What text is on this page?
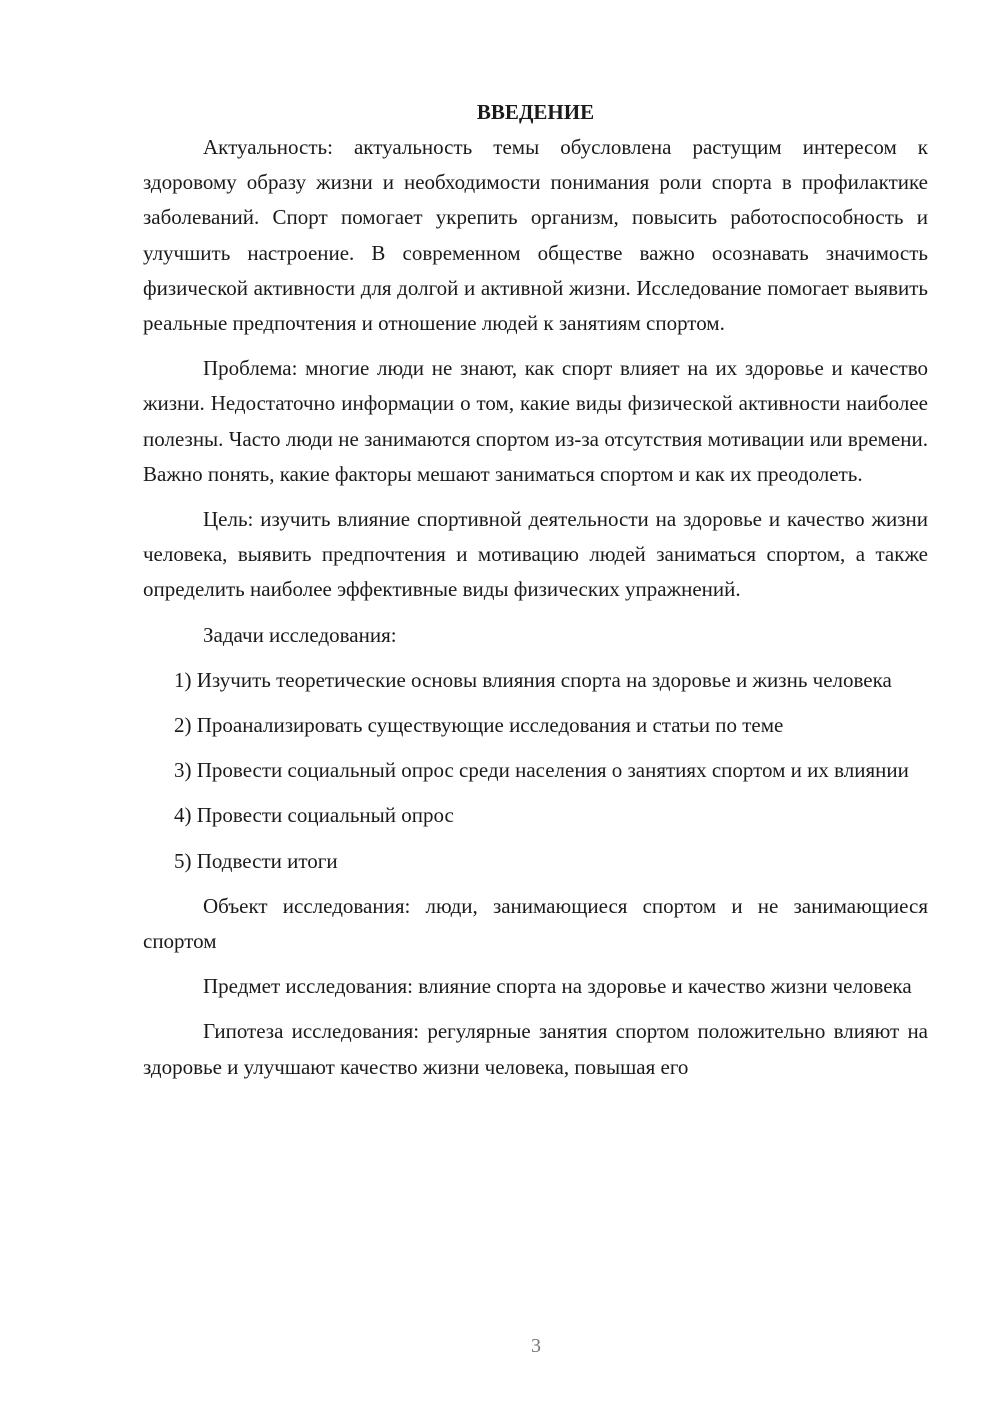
ВВЕДЕНИЕ

Актуальность: актуальность темы обусловлена растущим интересом к здоровому образу жизни и необходимости понимания роли спорта в профилактике заболеваний. Спорт помогает укрепить организм, повысить работоспособность и улучшить настроение. В современном обществе важно осознавать значимость физической активности для долгой и активной жизни. Исследование помогает выявить реальные предпочтения и отношение людей к занятиям спортом.

Проблема: многие люди не знают, как спорт влияет на их здоровье и качество жизни. Недостаточно информации о том, какие виды физической активности наиболее полезны. Часто люди не занимаются спортом из-за отсутствия мотивации или времени. Важно понять, какие факторы мешают заниматься спортом и как их преодолеть.

Цель: изучить влияние спортивной деятельности на здоровье и качество жизни человека, выявить предпочтения и мотивацию людей заниматься спортом, а также определить наиболее эффективные виды физических упражнений.

Задачи исследования:

1) Изучить теоретические основы влияния спорта на здоровье и жизнь человека

2) Проанализировать существующие исследования и статьи по теме

3) Провести социальный опрос среди населения о занятиях спортом и их влиянии

4) Провести социальный опрос

5) Подвести итоги

Объект исследования: люди, занимающиеся спортом и не занимающиеся спортом

Предмет исследования: влияние спорта на здоровье и качество жизни человека

Гипотеза исследования: регулярные занятия спортом положительно влияют на здоровье и улучшают качество жизни человека, повышая его

3
